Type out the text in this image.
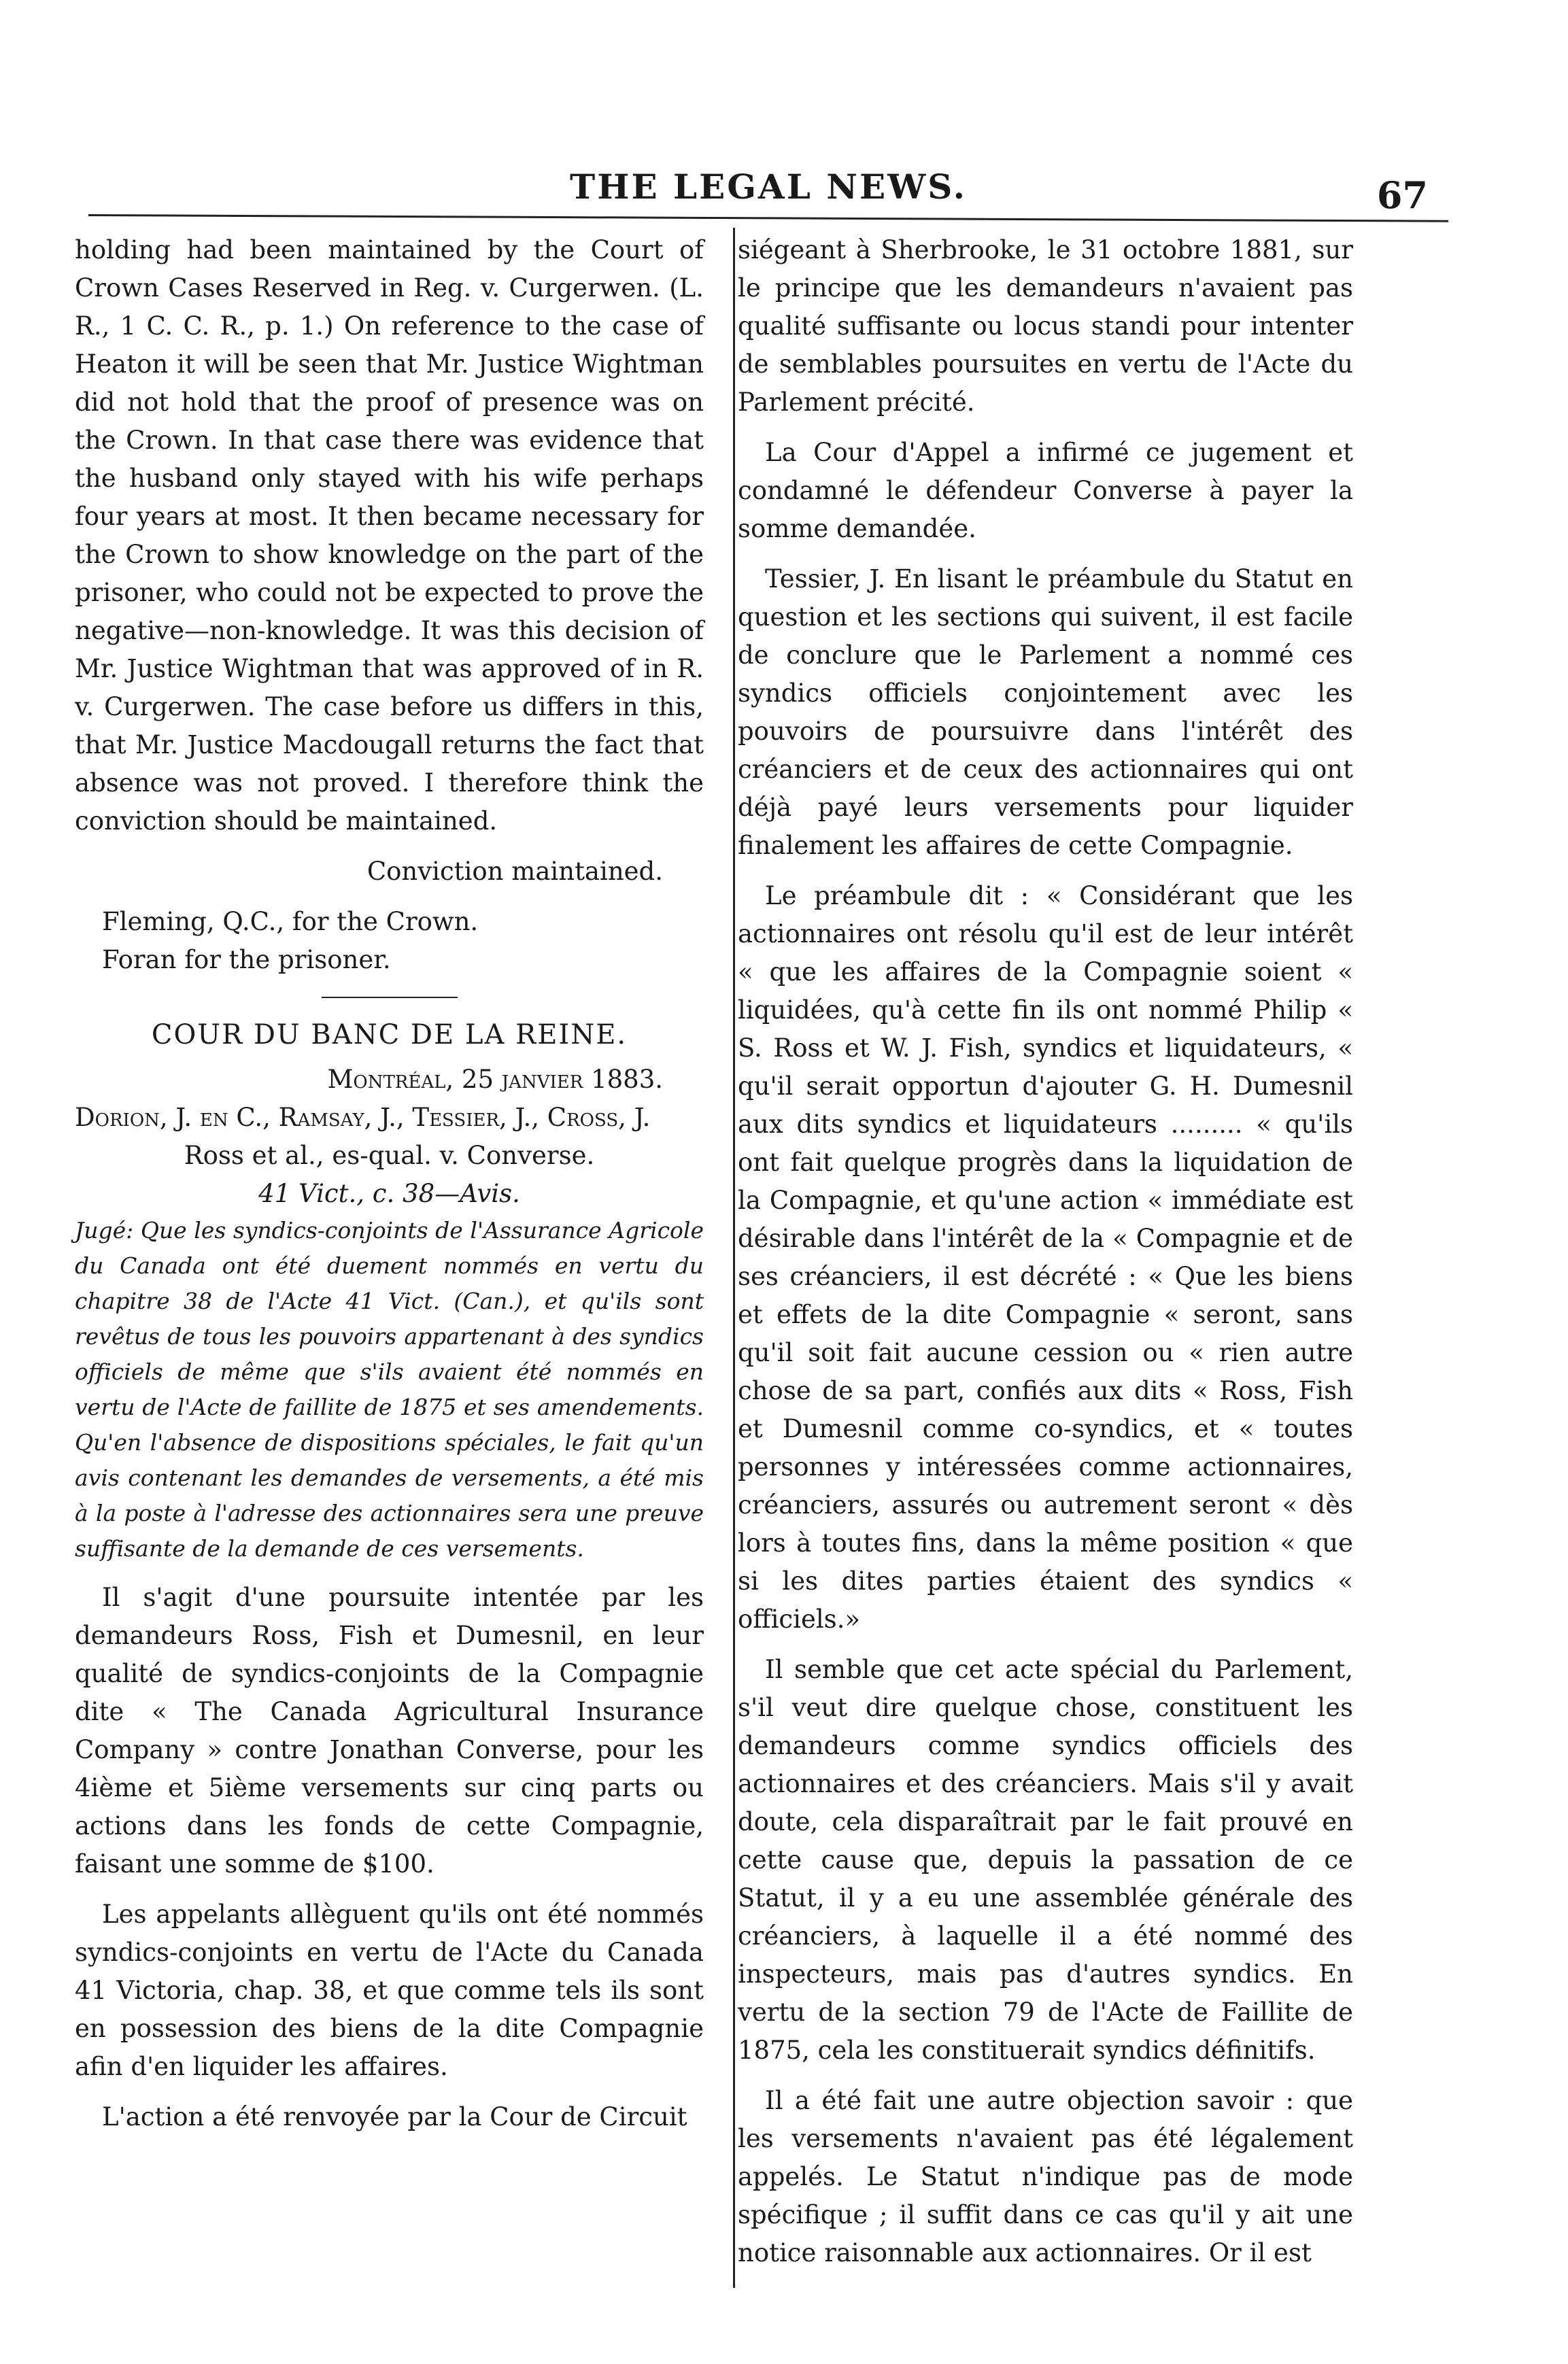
THE LEGAL NEWS.	67

holding had been maintained by the Court of Crown Cases Reserved in Reg. v. Curgerwen. (L. R., 1 C. C. R., p. 1.) On reference to the case of Heaton it will be seen that Mr. Justice Wightman did not hold that the proof of presence was on the Crown. In that case there was evidence that the husband only stayed with his wife perhaps four years at most. It then became necessary for the Crown to show knowledge on the part of the prisoner, who could not be expected to prove the negative—non-knowledge. It was this decision of Mr. Justice Wightman that was approved of in R. v. Curgerwen. The case before us differs in this, that Mr. Justice Macdougall returns the fact that absence was not proved. I therefore think the conviction should be maintained.

Conviction maintained.

Fleming, Q.C., for the Crown.

Foran for the prisoner.

COUR DU BANC DE LA REINE.

Montréal, 25 janvier 1883.

Dorion, J. en C., Ramsay, J., Tessier, J., Cross, J.

Ross et al., es-qual. v. Converse.

41 Vict., c. 38—Avis.

Jugé: Que les syndics-conjoints de l'Assurance Agricole du Canada ont été duement nommés en vertu du chapitre 38 de l'Acte 41 Vict. (Can.), et qu'ils sont revêtus de tous les pouvoirs appartenant à des syndics officiels de même que s'ils avaient été nommés en vertu de l'Acte de faillite de 1875 et ses amendements. Qu'en l'absence de dispositions spéciales, le fait qu'un avis contenant les demandes de versements, a été mis à la poste à l'adresse des actionnaires sera une preuve suffisante de la demande de ces versements.

Il s'agit d'une poursuite intentée par les demandeurs Ross, Fish et Dumesnil, en leur qualité de syndics-conjoints de la Compagnie dite « The Canada Agricultural Insurance Company » contre Jonathan Converse, pour les 4ième et 5ième versements sur cinq parts ou actions dans les fonds de cette Compagnie, faisant une somme de $100.

Les appelants allèguent qu'ils ont été nommés syndics-conjoints en vertu de l'Acte du Canada 41 Victoria, chap. 38, et que comme tels ils sont en possession des biens de la dite Compagnie afin d'en liquider les affaires.

L'action a été renvoyée par la Cour de Circuit

siégeant à Sherbrooke, le 31 octobre 1881, sur le principe que les demandeurs n'avaient pas qualité suffisante ou locus standi pour intenter de semblables poursuites en vertu de l'Acte du Parlement précité.

La Cour d'Appel a infirmé ce jugement et condamné le défendeur Converse à payer la somme demandée.

Tessier, J. En lisant le préambule du Statut en question et les sections qui suivent, il est facile de conclure que le Parlement a nommé ces syndics officiels conjointement avec les pouvoirs de poursuivre dans l'intérêt des créanciers et de ceux des actionnaires qui ont déjà payé leurs versements pour liquider finalement les affaires de cette Compagnie.

Le préambule dit : « Considérant que les actionnaires ont résolu qu'il est de leur intérêt « que les affaires de la Compagnie soient « liquidées, qu'à cette fin ils ont nommé Philip « S. Ross et W. J. Fish, syndics et liquidateurs, « qu'il serait opportun d'ajouter G. H. Dumesnil aux dits syndics et liquidateurs ......... « qu'ils ont fait quelque progrès dans la liquidation de la Compagnie, et qu'une action « immédiate est désirable dans l'intérêt de la « Compagnie et de ses créanciers, il est décrété : « Que les biens et effets de la dite Compagnie « seront, sans qu'il soit fait aucune cession ou « rien autre chose de sa part, confiés aux dits « Ross, Fish et Dumesnil comme co-syndics, et « toutes personnes y intéressées comme actionnaires, créanciers, assurés ou autrement seront « dès lors à toutes fins, dans la même position « que si les dites parties étaient des syndics « officiels.»

Il semble que cet acte spécial du Parlement, s'il veut dire quelque chose, constituent les demandeurs comme syndics officiels des actionnaires et des créanciers. Mais s'il y avait doute, cela disparaîtrait par le fait prouvé en cette cause que, depuis la passation de ce Statut, il y a eu une assemblée générale des créanciers, à laquelle il a été nommé des inspecteurs, mais pas d'autres syndics. En vertu de la section 79 de l'Acte de Faillite de 1875, cela les constituerait syndics définitifs.

Il a été fait une autre objection savoir : que les versements n'avaient pas été légalement appelés. Le Statut n'indique pas de mode spécifique ; il suffit dans ce cas qu'il y ait une notice raisonnable aux actionnaires. Or il est
